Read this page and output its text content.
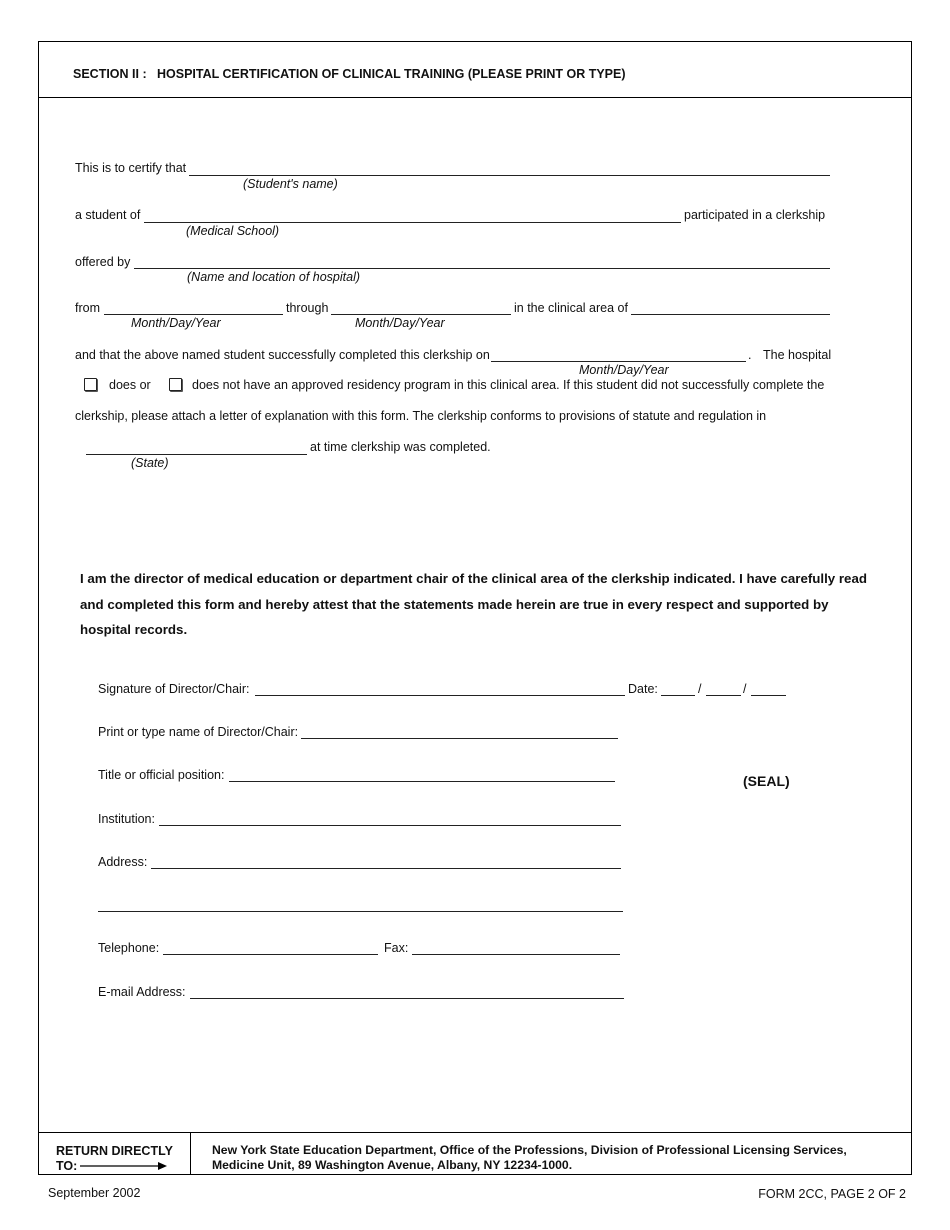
SECTION II : HOSPITAL CERTIFICATION OF CLINICAL TRAINING (PLEASE PRINT OR TYPE)
This is to certify that
(Student's name)
a student of	participated in a clerkship
(Medical School)
offered by
(Name and location of hospital)
from	through	in the clinical area of
Month/Day/Year	Month/Day/Year
and that the above named student successfully completed this clerkship on	. The hospital
Month/Day/Year
does or	does not have an approved residency program in this clinical area. If this student did not successfully complete the
clerkship, please attach a letter of explanation with this form. The clerkship conforms to provisions of statute and regulation in
at time clerkship was completed.
(State)
I am the director of medical education or department chair of the clinical area of the clerkship indicated. I have carefully read and completed this form and hereby attest that the statements made herein are true in every respect and supported by hospital records.
Signature of Director/Chair:	Date:	/	/
Print or type name of Director/Chair:
Title or official position:	(SEAL)
Institution:
Address:
Telephone:	Fax:
E-mail Address:
RETURN DIRECTLY
TO:
New York State Education Department, Office of the Professions, Division of Professional Licensing Services,
Medicine Unit, 89 Washington Avenue, Albany, NY 12234-1000.
September 2002	FORM 2CC, PAGE 2 OF 2
